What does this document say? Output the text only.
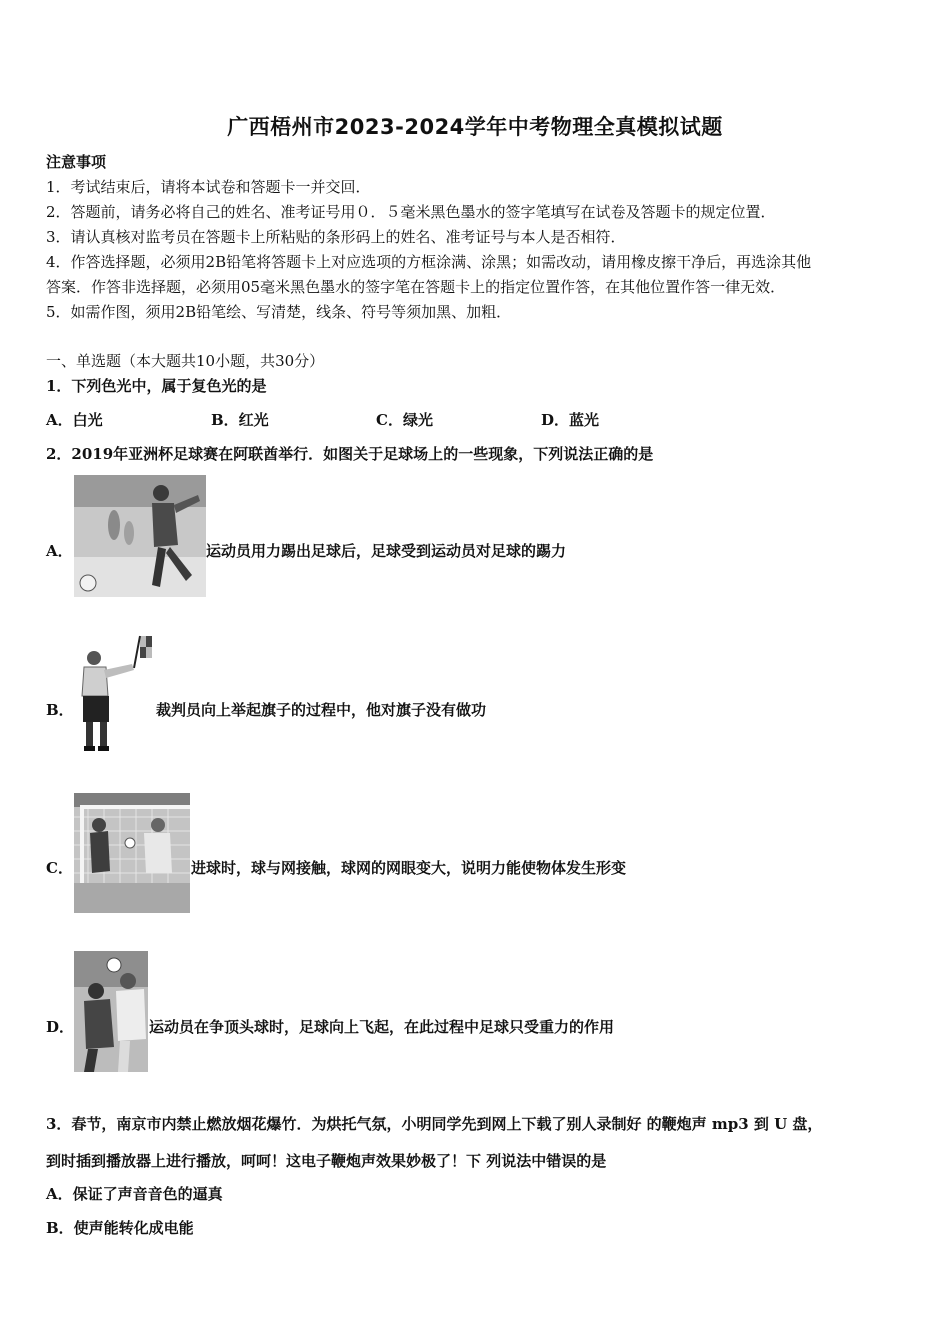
广西梧州市2023-2024学年中考物理全真模拟试题
注意事项
1．考试结束后，请将本试卷和答题卡一并交回．
2．答题前，请务必将自己的姓名、准考证号用０．５毫米黑色墨水的签字笔填写在试卷及答题卡的规定位置．
3．请认真核对监考员在答题卡上所粘贴的条形码上的姓名、准考证号与本人是否相符．
4．作答选择题，必须用2B铅笔将答题卡上对应选项的方框涂满、涂黑；如需改动，请用橡皮擦干净后，再选涂其他
答案．作答非选择题，必须用05毫米黑色墨水的签字笔在答题卡上的指定位置作答，在其他位置作答一律无效．
5．如需作图，须用2B铅笔绘、写清楚，线条、符号等须加黑、加粗．
一、单选题（本大题共10小题，共30分）
1．下列色光中，属于复色光的是
A．白光	B．红光	C．绿光	D．蓝光
2．2019年亚洲杯足球赛在阿联酋举行．如图关于足球场上的一些现象，下列说法正确的是
A．	运动员用力踢出足球后，足球受到运动员对足球的踢力
B．	裁判员向上举起旗子的过程中，他对旗子没有做功
C．	进球时，球与网接触，球网的网眼变大，说明力能使物体发生形变
D．	运动员在争顶头球时，足球向上飞起，在此过程中足球只受重力的作用
3．春节，南京市内禁止燃放烟花爆竹．为烘托气氛，小明同学先到网上下载了别人录制好 的鞭炮声 mp3 到 U 盘，
到时插到播放器上进行播放，呵呵！这电子鞭炮声效果妙极了！下 列说法中错误的是
A．保证了声音音色的逼真
B．使声能转化成电能
